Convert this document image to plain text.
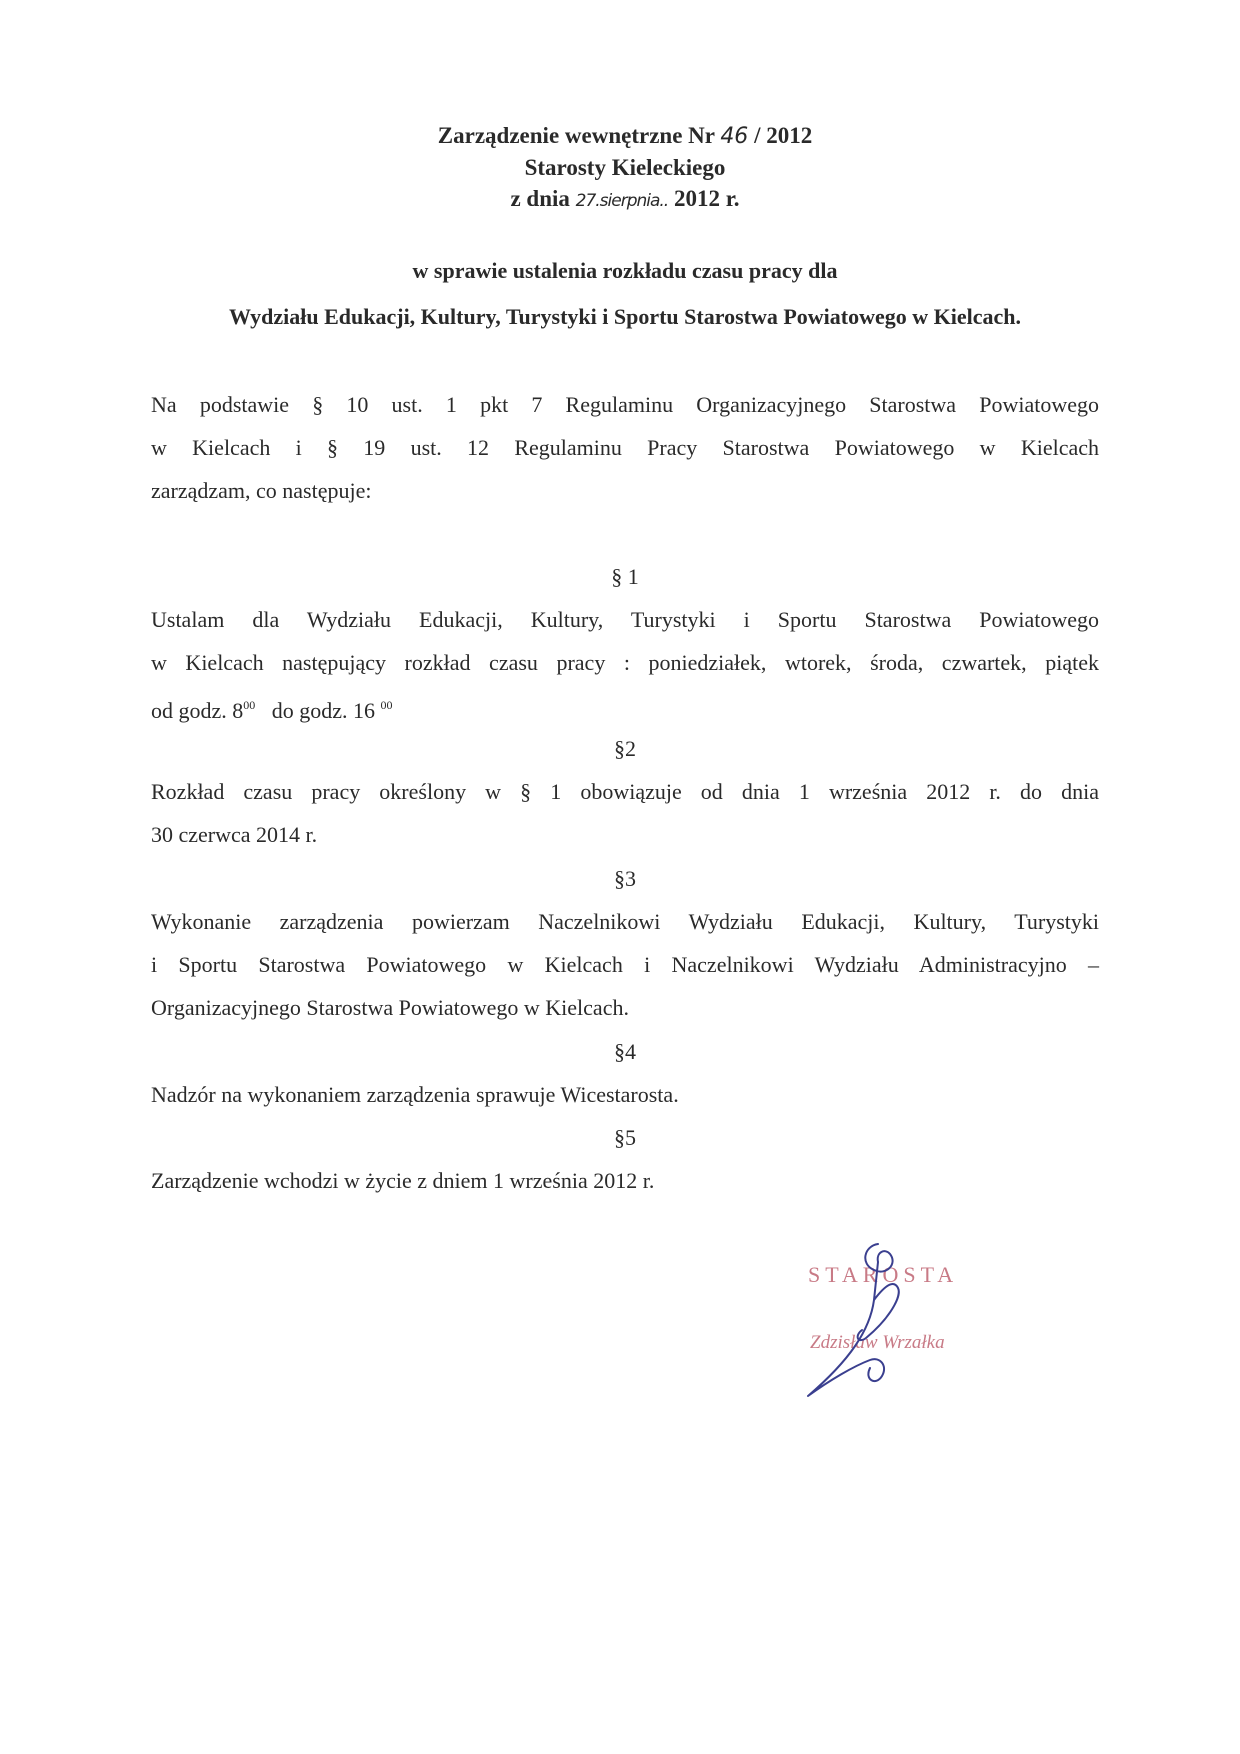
Zarządzenie wewnętrzne Nr 46 / 2012
Starosty Kieleckiego
z dnia 27.sierpnia.. 2012 r.
w sprawie ustalenia rozkładu czasu pracy dla
Wydziału Edukacji, Kultury, Turystyki i Sportu Starostwa Powiatowego w Kielcach.
Na podstawie § 10 ust. 1 pkt 7 Regulaminu Organizacyjnego Starostwa Powiatowego
w Kielcach i § 19 ust. 12 Regulaminu Pracy Starostwa Powiatowego w Kielcach
zarządzam, co następuje:
§ 1
Ustalam dla Wydziału Edukacji, Kultury, Turystyki i Sportu Starostwa Powiatowego
w Kielcach następujący rozkład czasu pracy : poniedziałek, wtorek, środa, czwartek, piątek
od godz. $8^{00}$ do godz. 16 $^{00}$
§2
Rozkład czasu pracy określony w § 1 obowiązuje od dnia 1 września 2012 r. do dnia
30 czerwca 2014 r.
§3
Wykonanie zarządzenia powierzam Naczelnikowi Wydziału Edukacji, Kultury, Turystyki
i Sportu Starostwa Powiatowego w Kielcach i Naczelnikowi Wydziału Administracyjno –
Organizacyjnego Starostwa Powiatowego w Kielcach.
§4
Nadzór na wykonaniem zarządzenia sprawuje Wicestarosta.
§5
Zarządzenie wchodzi w życie z dniem 1 września 2012 r.
STAROSTA
Zdzisław Wrzałka
